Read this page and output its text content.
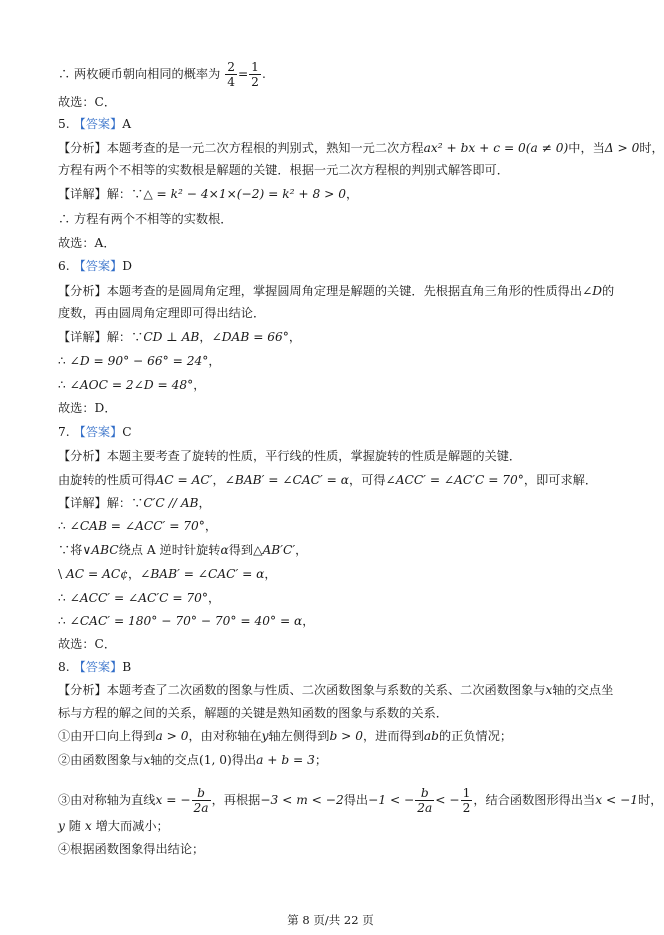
∴ 两枚硬币朝向相同的概率为 $\frac{2}{4} = \frac{1}{2}$ .
故选：C．
5. 【答案】A
【分析】本题考查的是一元二次方程根的判别式，熟知一元二次方程ax² + bx + c = 0(a ≠ 0)中，当Δ > 0时，
方程有两个不相等的实数根是解题的关键．根据一元二次方程根的判别式解答即可．
【详解】解：∵△ = k² − 4×1×(−2) = k² + 8 > 0，
∴ 方程有两个不相等的实数根．
故选：A．
6. 【答案】D
【分析】本题考查的是圆周角定理，掌握圆周角定理是解题的关键．先根据直角三角形的性质得出∠D的
度数，再由圆周角定理即可得出结论．
【详解】解：∵CD ⊥ AB，∠DAB = 66°，
∴ ∠D = 90° − 66° = 24°，
∴ ∠AOC = 2∠D = 48°，
故选：D．
7. 【答案】C
【分析】本题主要考查了旋转的性质，平行线的性质，掌握旋转的性质是解题的关键．
由旋转的性质可得AC = AC′，∠BAB′ = ∠CAC′ = α，可得∠ACC′ = ∠AC′C = 70°，即可求解．
【详解】解：∵C′C // AB，
∴ ∠CAB = ∠ACC′ = 70°，
∵将∨ABC绕点 A 逆时针旋转α得到△AB′C′，
\ AC = AC¢，∠BAB′ = ∠CAC′ = α，
∴ ∠ACC′ = ∠AC′C = 70°，
∴ ∠CAC′ = 180° − 70° − 70° = 40° = α，
故选：C．
8. 【答案】B
【分析】本题考查了二次函数的图象与性质、二次函数图象与系数的关系、二次函数图象与x轴的交点坐
标与方程的解之间的关系，解题的关键是熟知函数的图象与系数的关系．
①由开口向上得到a > 0，由对称轴在y轴左侧得到b > 0，进而得到ab的正负情况；
②由函数图象与x轴的交点(1, 0)得出a + b = 3；
③由对称轴为直线x = − $\frac{b}{2a}$ ，再根据−3 < m < −2得出−1 < − $\frac{b}{2a}$ < − $\frac{1}{2}$ ，结合函数图形得出当x < −1时，
y 随 x 增大而减小；
④根据函数图象得出结论；
第 8 页/共 22 页
